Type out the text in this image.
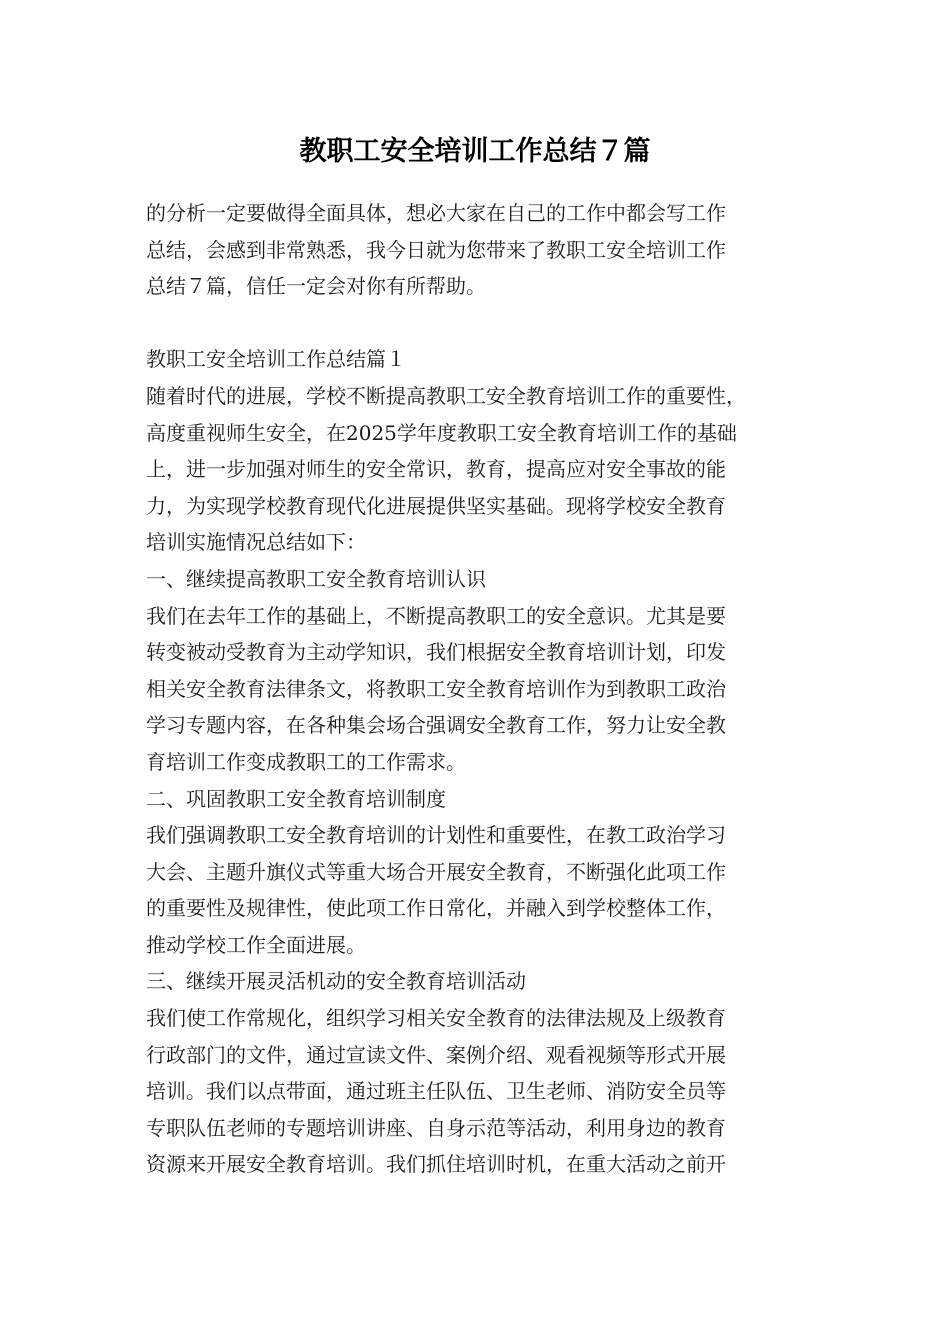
教职工安全培训工作总结７篇
的分析一定要做得全面具体，想必大家在自己的工作中都会写工作
总结，会感到非常熟悉，我今日就为您带来了教职工安全培训工作
总结７篇，信任一定会对你有所帮助。
教职工安全培训工作总结篇１
随着时代的进展，学校不断提高教职工安全教育培训工作的重要性，
高度重视师生安全，在2025学年度教职工安全教育培训工作的基础
上，进一步加强对师生的安全常识，教育，提高应对安全事故的能
力，为实现学校教育现代化进展提供坚实基础。现将学校安全教育
培训实施情况总结如下：
一、继续提高教职工安全教育培训认识
我们在去年工作的基础上，不断提高教职工的安全意识。尤其是要
转变被动受教育为主动学知识，我们根据安全教育培训计划，印发
相关安全教育法律条文，将教职工安全教育培训作为到教职工政治
学习专题内容，在各种集会场合强调安全教育工作，努力让安全教
育培训工作变成教职工的工作需求。
二、巩固教职工安全教育培训制度
我们强调教职工安全教育培训的计划性和重要性，在教工政治学习
大会、主题升旗仪式等重大场合开展安全教育，不断强化此项工作
的重要性及规律性，使此项工作日常化，并融入到学校整体工作，
推动学校工作全面进展。
三、继续开展灵活机动的安全教育培训活动
我们使工作常规化，组织学习相关安全教育的法律法规及上级教育
行政部门的文件，通过宣读文件、案例介绍、观看视频等形式开展
培训。我们以点带面，通过班主任队伍、卫生老师、消防安全员等
专职队伍老师的专题培训讲座、自身示范等活动，利用身边的教育
资源来开展安全教育培训。我们抓住培训时机，在重大活动之前开
